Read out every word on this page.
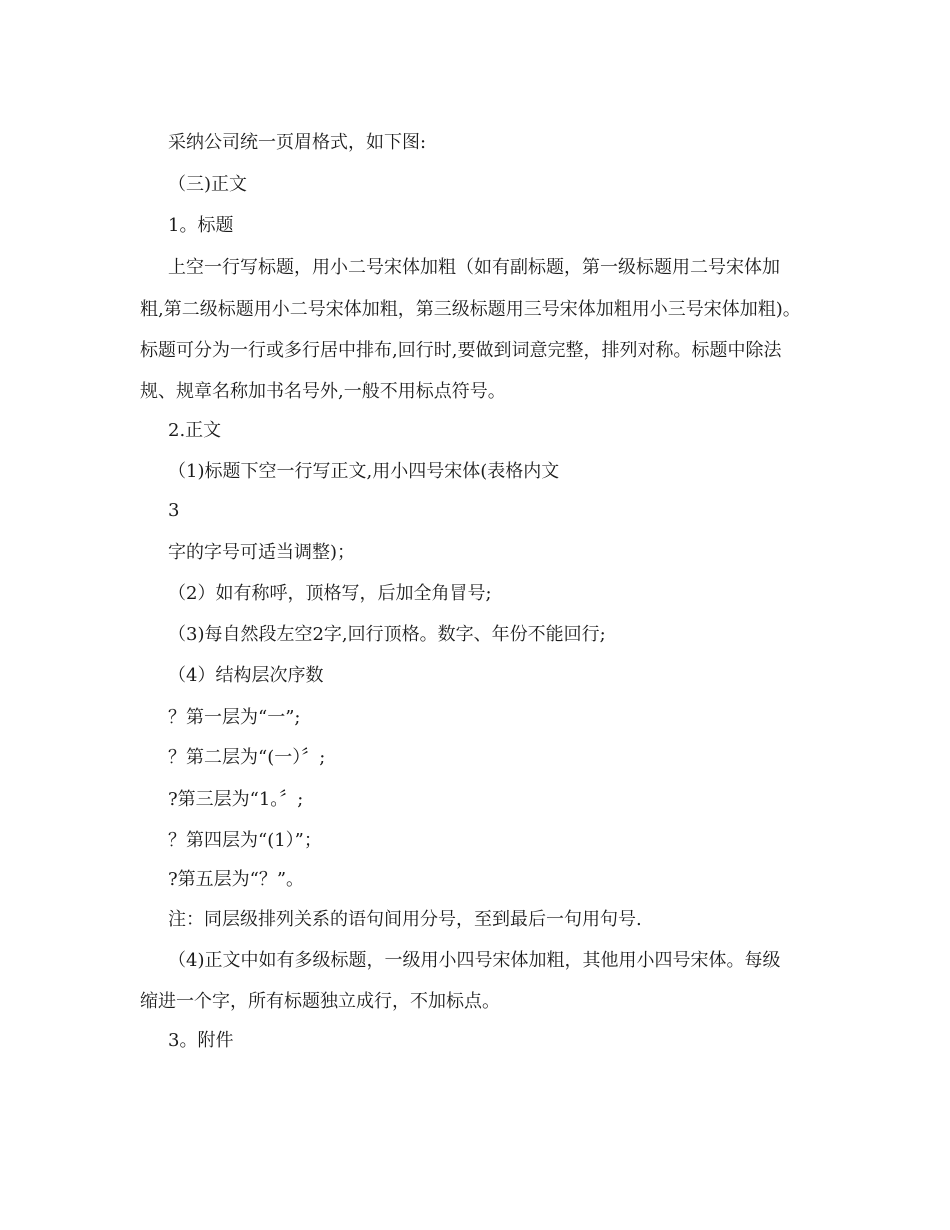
采纳公司统一页眉格式，如下图:
（三)正文
1。标题
上空一行写标题，用小二号宋体加粗（如有副标题，第一级标题用二号宋体加
粗,第二级标题用小二号宋体加粗，第三级标题用三号宋体加粗用小三号宋体加粗)。
标题可分为一行或多行居中排布,回行时,要做到词意完整，排列对称。标题中除法
规、规章名称加书名号外,一般不用标点符号。
2.正文
（1)标题下空一行写正文,用小四号宋体(表格内文
3
字的字号可适当调整)；
（2）如有称呼，顶格写，后加全角冒号;
（3)每自然段左空2字,回行顶格。数字、年份不能回行;
（4）结构层次序数
？第一层为“一”;
？第二层为“(一）〞;
?第三层为“1。〞;
？第四层为“(1）”；
?第五层为“？”。
注：同层级排列关系的语句间用分号，至到最后一句用句号.
（4)正文中如有多级标题，一级用小四号宋体加粗，其他用小四号宋体。每级
缩进一个字，所有标题独立成行，不加标点。
3。附件
